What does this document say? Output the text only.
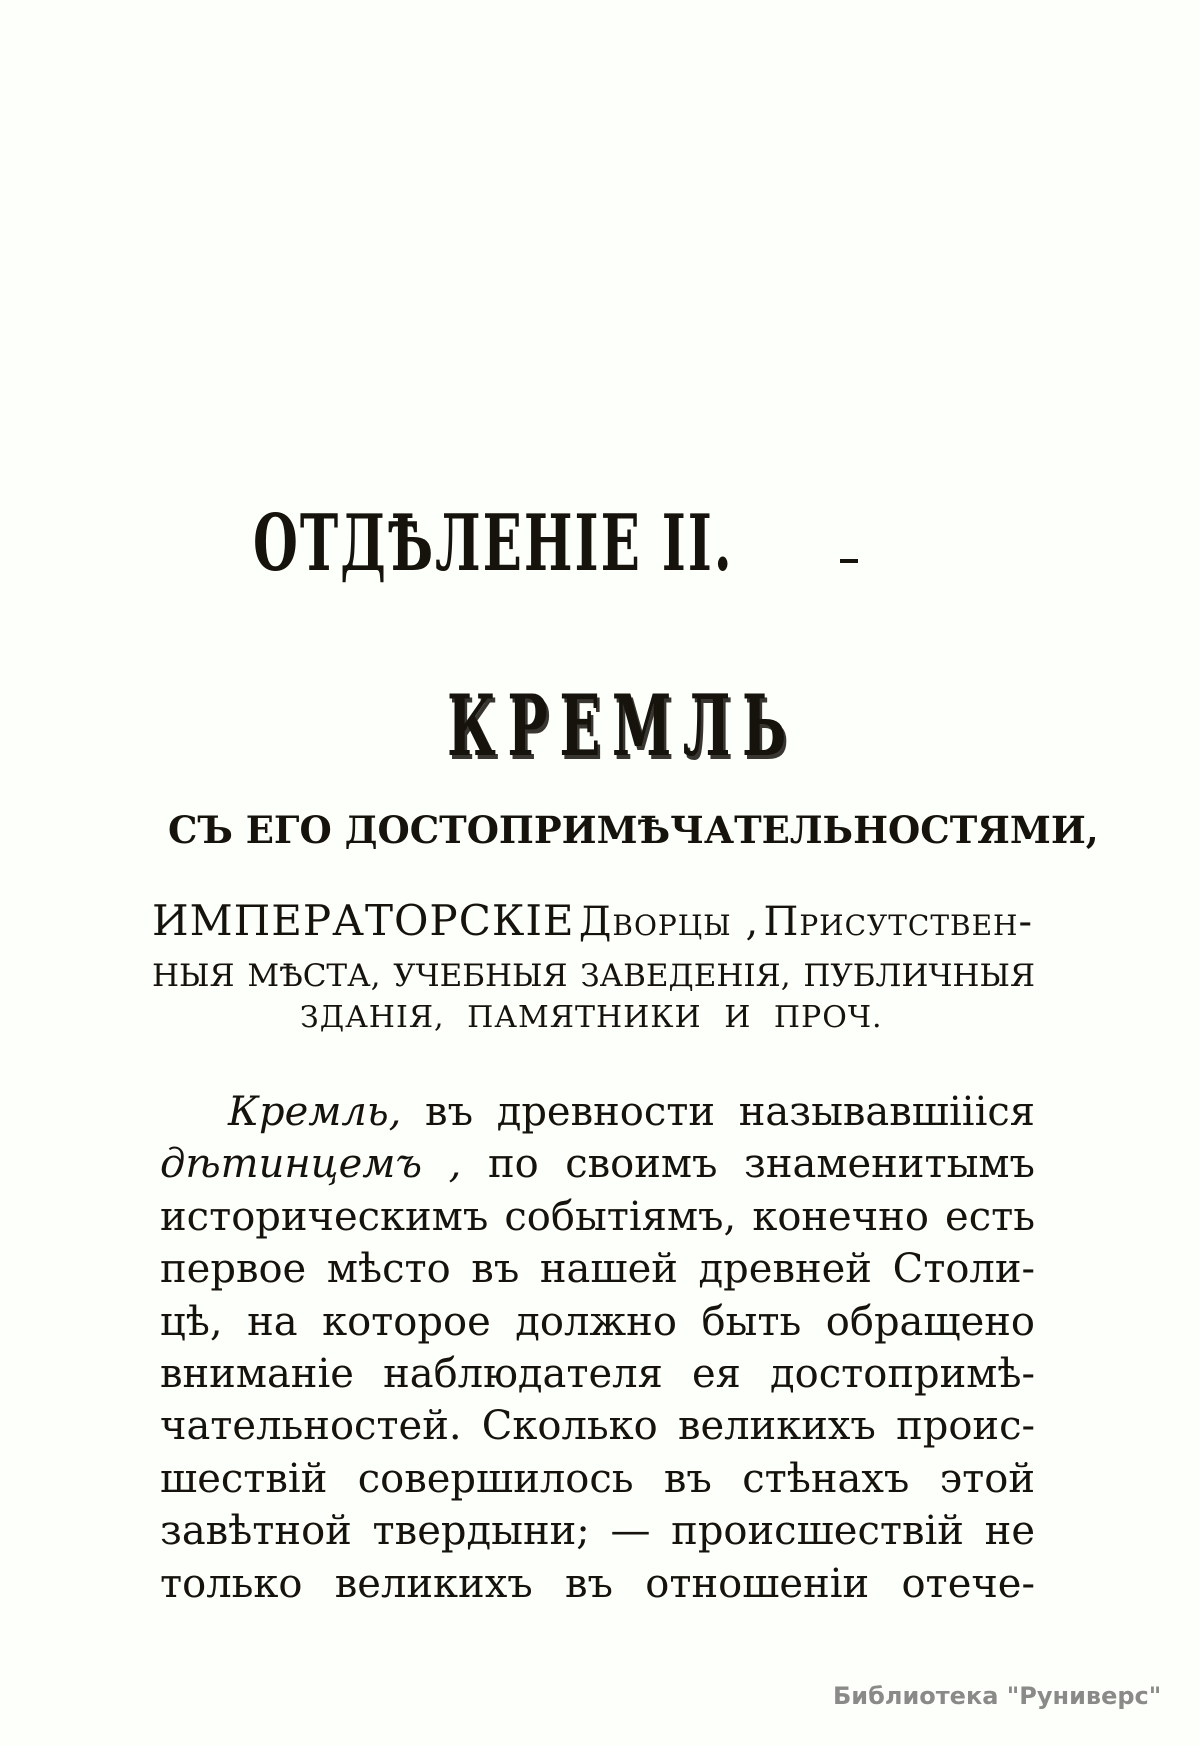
ОТДѢЛЕНІЕ II.
КРЕМЛЬ
СЪ ЕГО ДОСТОПРИМѢЧАТЕЛЬНОСТЯМИ,
ИМПЕРАТОРСКІЕ Дворцы , Присутствен-
НЫЯ МѢСТА, УЧЕБНЫЯ ЗАВЕДЕНІЯ, ПУБЛИЧНЫЯ
ЗДАНІЯ, ПАМЯТНИКИ И ПРОЧ.
Кремль, въ древности называвшіііся
дѣтинцемъ , по своимъ знаменитымъ
историческимъ событіямъ, конечно есть
первое мѣсто въ нашей древней Столи-
цѣ, на которое должно быть обращено
вниманіе наблюдателя ея достопримѣ-
чательностей. Сколько великихъ проис-
шествій совершилось въ стѣнахъ этой
завѣтной твердыни; — происшествій не
только великихъ въ отношеніи отече-
Библиотека "Руниверс"
